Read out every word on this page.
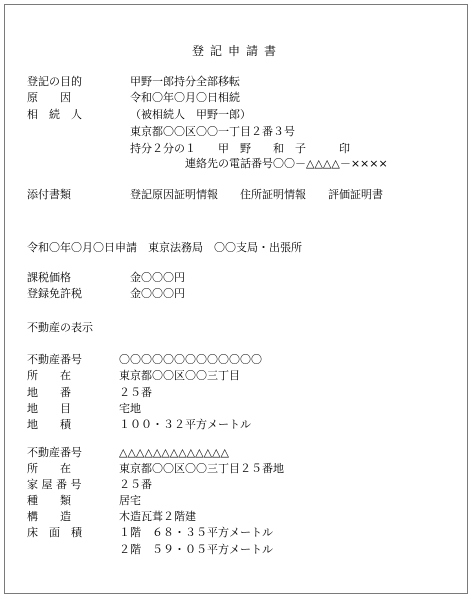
登記申請書
登記の目的	甲野一郎持分全部移転
原　　因	令和〇年〇月〇日相続
相　続　人	（被相続人　甲野一郎）
東京都〇〇区〇〇一丁目２番３号
持分２分の１　　甲　野　　和　子　　　印
連絡先の電話番号〇〇－△△△△－××××
添付書類	登記原因証明情報　　住所証明情報　　評価証明書
令和〇年〇月〇日申請　東京法務局　〇〇支局・出張所
課税価格	金〇〇〇円
登録免許税	金〇〇〇円
不動産の表示
不動産番号	〇〇〇〇〇〇〇〇〇〇〇〇〇
所　　在	東京都〇〇区〇〇三丁目
地　　番	２５番
地　　目	宅地
地　　積	１００・３２平方メートル
不動産番号	△△△△△△△△△△△△△
所　　在	東京都〇〇区〇〇三丁目２５番地
家 屋 番 号	２５番
種　　類	居宅
構　　造	木造瓦葺２階建
床　面　積	１階　６８・３５平方メートル
２階　５９・０５平方メートル
